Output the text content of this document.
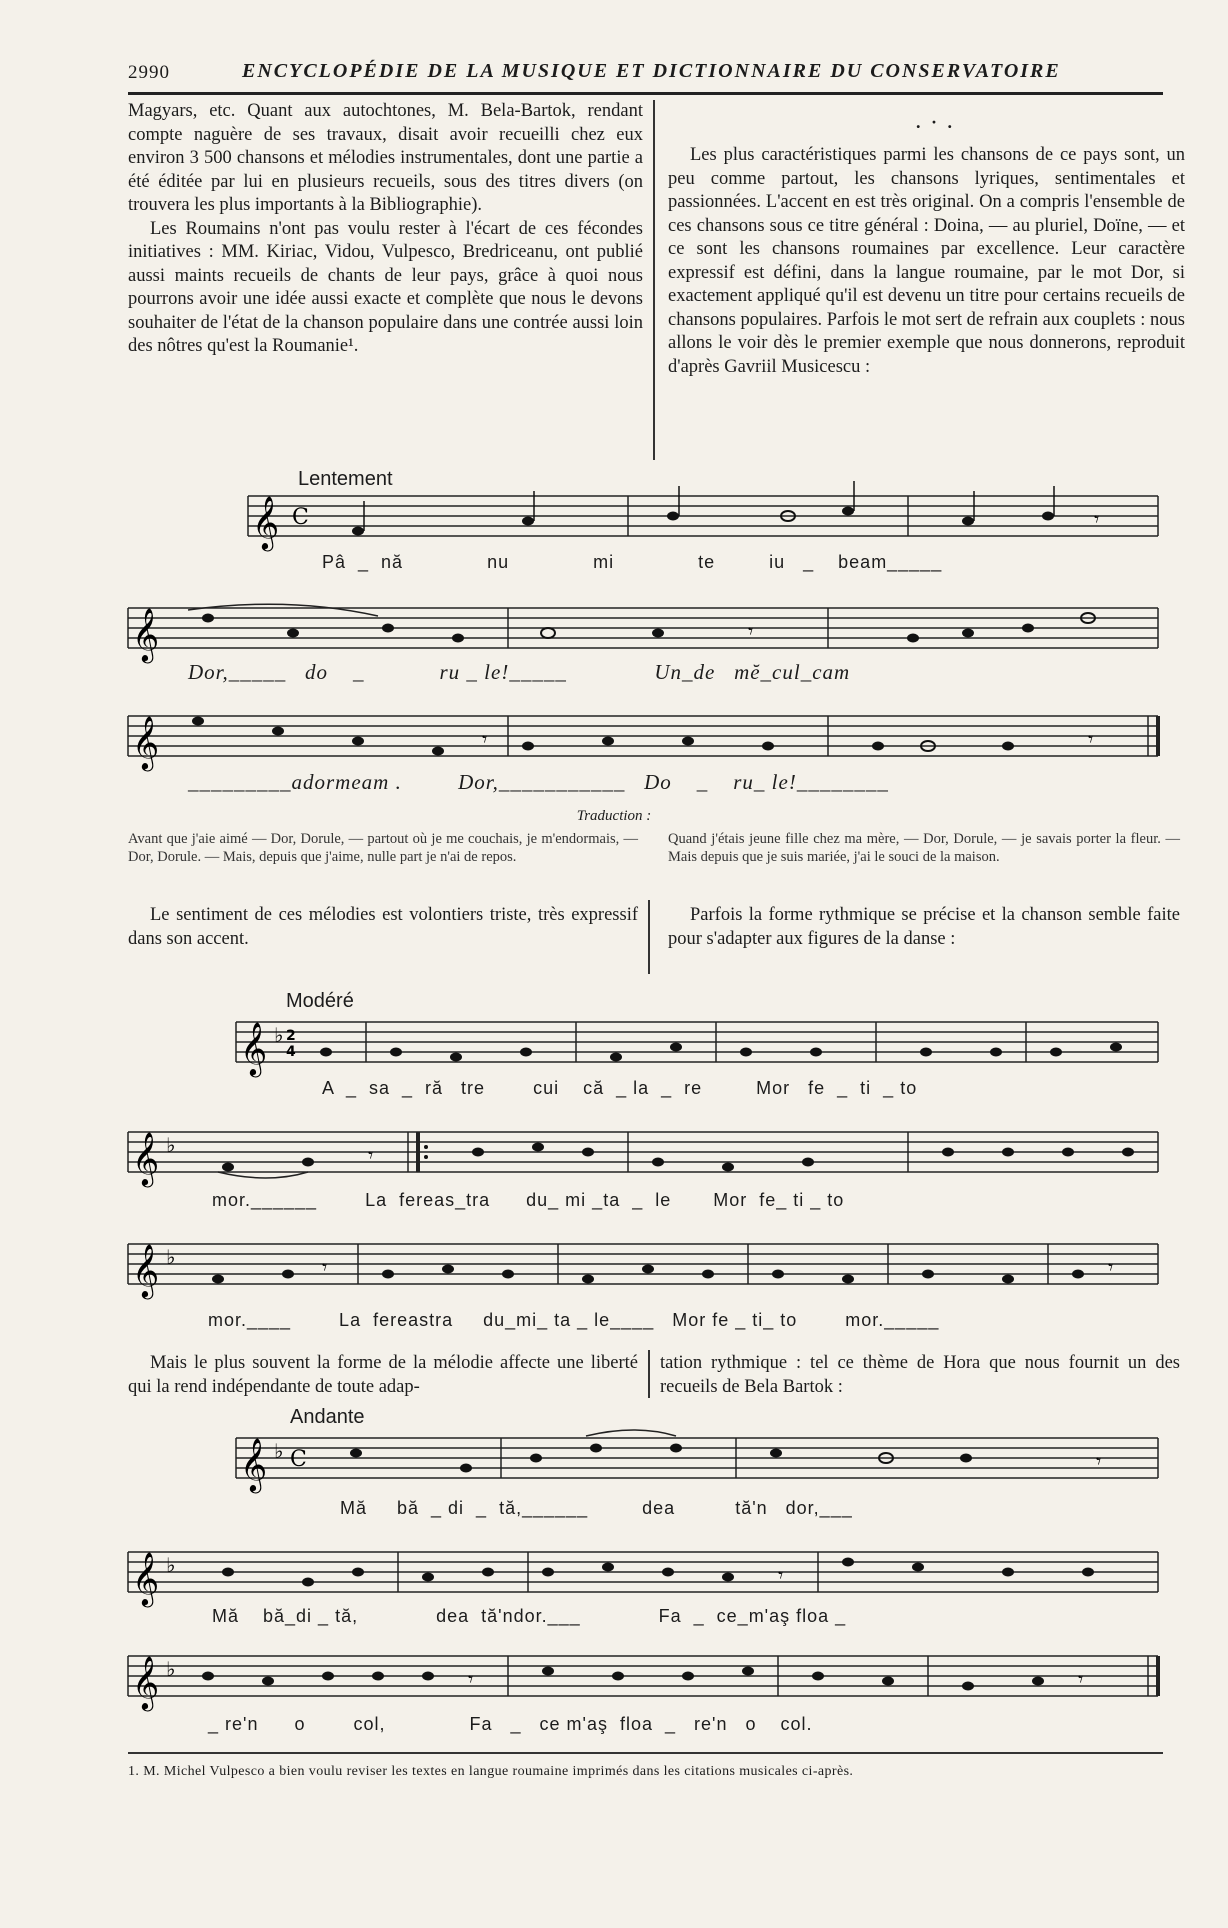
2990	ENCYCLOPÉDIE DE LA MUSIQUE ET DICTIONNAIRE DU CONSERVATOIRE

Magyars, etc. Quant aux autochtones, M. Bela-Bartok, rendant compte naguère de ses travaux, disait avoir recueilli chez eux environ 3 500 chansons et mélodies instrumentales, dont une partie a été éditée par lui en plusieurs recueils, sous des titres divers (on trouvera les plus importants à la Bibliographie).

Les Roumains n'ont pas voulu rester à l'écart de ces fécondes initiatives : MM. Kiriac, Vidou, Vulpesco, Bredriceanu, ont publié aussi maints recueils de chants de leur pays, grâce à quoi nous pourrons avoir une idée aussi exacte et complète que nous le devons souhaiter de l'état de la chanson populaire dans une contrée aussi loin des nôtres qu'est la Roumanie¹.

. · .

Les plus caractéristiques parmi les chansons de ce pays sont, un peu comme partout, les chansons lyriques, sentimentales et passionnées. L'accent en est très original. On a compris l'ensemble de ces chansons sous ce titre général : Doina, — au pluriel, Doïne, — et ce sont les chansons roumaines par excellence. Leur caractère expressif est défini, dans la langue roumaine, par le mot Dor, si exactement appliqué qu'il est devenu un titre pour certains recueils de chansons populaires. Parfois le mot sert de refrain aux couplets : nous allons le voir dès le premier exemple que nous donnerons, reproduit d'après Gavriil Musicescu :

Lentement
𝄞 C	𝄾
Pâ  _  nă              nu              mi              te         iu   _    beam_____
𝄞	𝄾
Dor,_____   do    _            ru _ le!_____              Un_de   mĕ_cul_cam
𝄞	𝄾	𝄾
_________adormeam .         Dor,___________   Do    _    ru_ le!________
Traduction :

Avant que j'aie aimé — Dor, Dorule, — partout où je me couchais, je m'endormais, — Dor, Dorule. — Mais, depuis que j'aime, nulle part je n'ai de repos.

Quand j'étais jeune fille chez ma mère, — Dor, Dorule, — je savais porter la fleur. — Mais depuis que je suis mariée, j'ai le souci de la maison.

Le sentiment de ces mélodies est volontiers triste, très expressif dans son accent.

Parfois la forme rythmique se précise et la chanson semble faite pour s'adapter aux figures de la danse :

Modéré
𝄞 ♭ 2
4
A  _  sa  _  ră   tre        cui    că  _ la  _  re         Mor   fe  _  ti  _ to
𝄞 ♭	𝄾
mor.______        La  fereas_tra      du_ mi _ta  _  le       Mor  fe_ ti _ to
𝄞 ♭	𝄾	𝄾
mor.____        La  fereastra     du_mi_ ta _ le____   Mor fe _ ti_ to        mor._____

Mais le plus souvent la forme de la mélodie affecte une liberté qui la rend indépendante de toute adap-

tation rythmique : tel ce thème de Hora que nous fournit un des recueils de Bela Bartok :

Andante
𝄞 ♭ C	𝄾
Mă     bă  _ di  _  tă,______         dea          tă'n   dor,___
𝄞 ♭	𝄾
Mă    bă_di _ tă,             dea  tă'ndor.___             Fa  _  ce_m'aş floa _
𝄞 ♭	𝄾	𝄾
_ re'n      o        col,              Fa   _   ce m'aş  floa  _   re'n   o    col.
1. M. Michel Vulpesco a bien voulu reviser les textes en langue roumaine imprimés dans les citations musicales ci-après.
